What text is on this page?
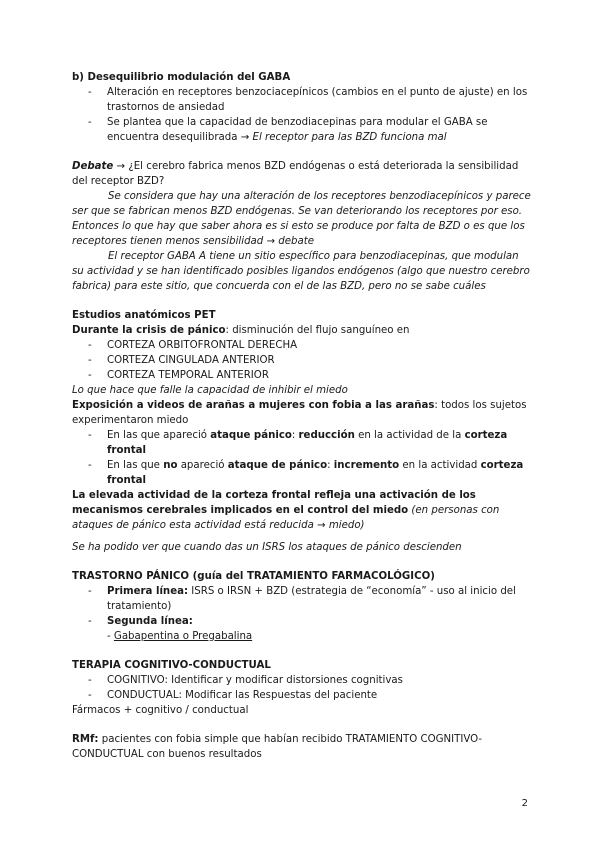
b) Desequilibrio modulación del GABA

- Alteración en receptores benzociacepínicos (cambios en el punto de ajuste) en los trastornos de ansiedad
- Se plantea que la capacidad de benzodiacepinas para modular el GABA se encuentra desequilibrada → El receptor para las BZD funciona mal

Debate → ¿El cerebro fabrica menos BZD endógenas o está deteriorada la sensibilidad del receptor BZD?

Se considera que hay una alteración de los receptores benzodiacepínicos y parece ser que se fabrican menos BZD endógenas. Se van deteriorando los receptores por eso. Entonces lo que hay que saber ahora es si esto se produce por falta de BZD o es que los receptores tienen menos sensibilidad → debate

El receptor GABA A tiene un sitio específico para benzodiacepinas, que modulan su actividad y se han identificado posibles ligandos endógenos (algo que nuestro cerebro fabrica) para este sitio, que concuerda con el de las BZD, pero no se sabe cuáles

Estudios anatómicos PET

Durante la crisis de pánico: disminución del flujo sanguíneo en

- CORTEZA ORBITOFRONTAL DERECHA
- CORTEZA CINGULADA ANTERIOR
- CORTEZA TEMPORAL ANTERIOR

Lo que hace que falle la capacidad de inhibir el miedo

Exposición a videos de arañas a mujeres con fobia a las arañas: todos los sujetos experimentaron miedo

- En las que apareció ataque pánico: reducción en la actividad de la corteza frontal
- En las que no apareció ataque de pánico: incremento en la actividad corteza frontal

La elevada actividad de la corteza frontal refleja una activación de los mecanismos cerebrales implicados en el control del miedo (en personas con ataques de pánico esta actividad está reducida → miedo)

Se ha podido ver que cuando das un ISRS los ataques de pánico descienden

TRASTORNO PÁNICO (guía del TRATAMIENTO FARMACOLÓGICO)

- Primera línea: ISRS o IRSN + BZD (estrategia de “economía” - uso al inicio del tratamiento)
- Segunda línea:

- Gabapentina o Pregabalina

TERAPIA COGNITIVO-CONDUCTUAL

- COGNITIVO: Identificar y modificar distorsiones cognitivas
- CONDUCTUAL: Modificar las Respuestas del paciente

Fármacos + cognitivo / conductual

RMf: pacientes con fobia simple que habían recibido TRATAMIENTO COGNITIVO-CONDUCTUAL con buenos resultados

2
